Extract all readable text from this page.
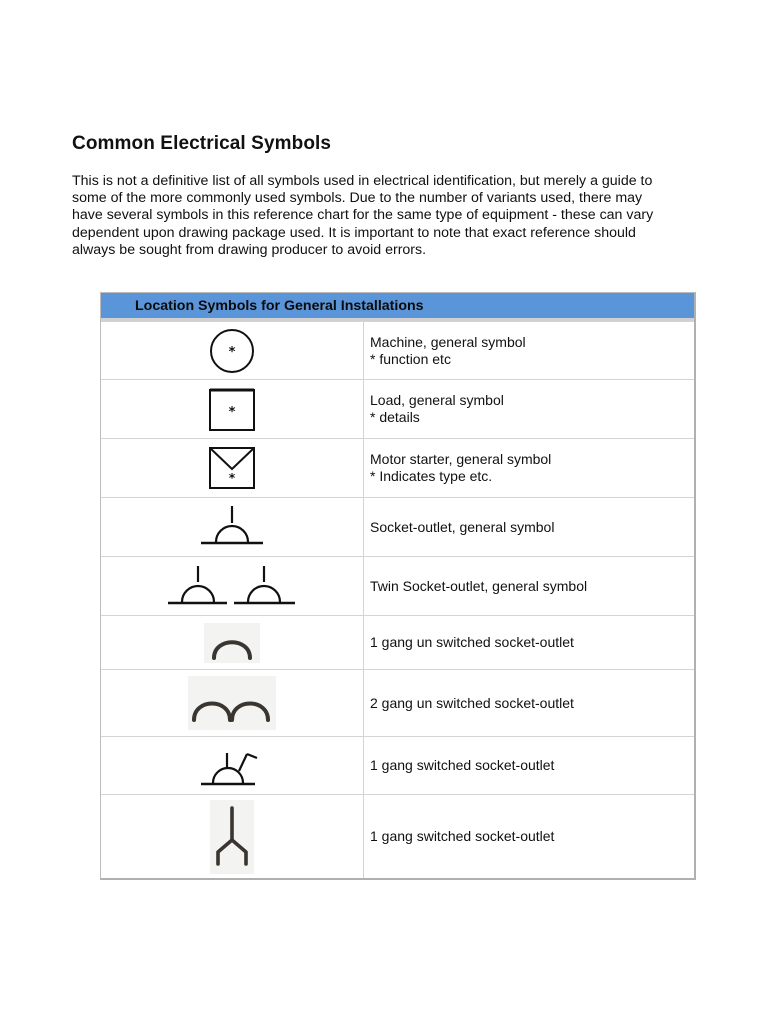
Common Electrical Symbols

This is not a definitive list of all symbols used in electrical identification, but merely a guide to some of the more commonly used symbols. Due to the number of variants used, there may have several symbols in this reference chart for the same type of equipment - these can vary dependent upon drawing package used. It is important to note that exact reference should always be sought from drawing producer to avoid errors.

Location Symbols for General Installations	

*	Machine, general symbol
* function etc

*	Load, general symbol
* details

*	Motor starter, general symbol
* Indicates type etc.

Socket-outlet, general symbol

Twin Socket-outlet, general symbol

1 gang un switched socket-outlet

2 gang un switched socket-outlet

1 gang switched socket-outlet

1 gang switched socket-outlet
